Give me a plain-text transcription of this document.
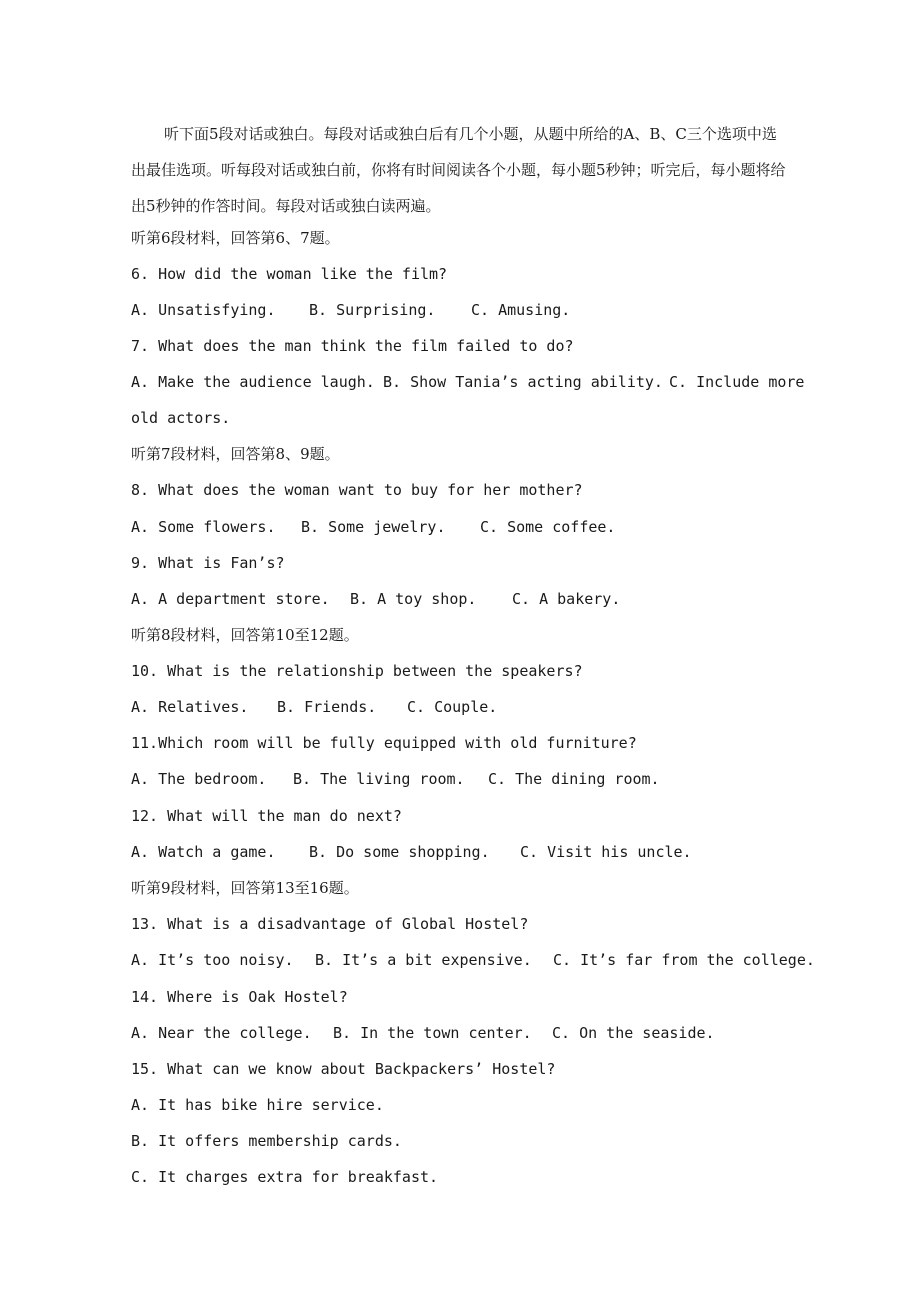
听下面5段对话或独白。每段对话或独白后有几个小题，从题中所给的A、B、C三个选项中选出最佳选项。听每段对话或独白前，你将有时间阅读各个小题，每小题5秒钟；听完后，每小题将给出5秒钟的作答时间。每段对话或独白读两遍。
听第6段材料，回答第6、7题。
6. How did the woman like the film?
A. Unsatisfying. B. Surprising. C. Amusing.
7. What does the man think the film failed to do?
A. Make the audience laugh. B. Show Tania’s acting ability. C. Include more
old actors.
听第7段材料，回答第8、9题。
8. What does the woman want to buy for her mother?
A. Some flowers. B. Some jewelry. C. Some coffee.
9. What is Fan’s?
A. A department store. B. A toy shop. C. A bakery.
听第8段材料，回答第10至12题。
10. What is the relationship between the speakers?
A. Relatives. B. Friends. C. Couple.
11.Which room will be fully equipped with old furniture?
A. The bedroom. B. The living room. C. The dining room.
12. What will the man do next?
A. Watch a game. B. Do some shopping. C. Visit his uncle.
听第9段材料，回答第13至16题。
13. What is a disadvantage of Global Hostel?
A. It’s too noisy. B. It’s a bit expensive. C. It’s far from the college.
14. Where is Oak Hostel?
A. Near the college. B. In the town center. C. On the seaside.
15. What can we know about Backpackers’ Hostel?
A. It has bike hire service.
B. It offers membership cards.
C. It charges extra for breakfast.
